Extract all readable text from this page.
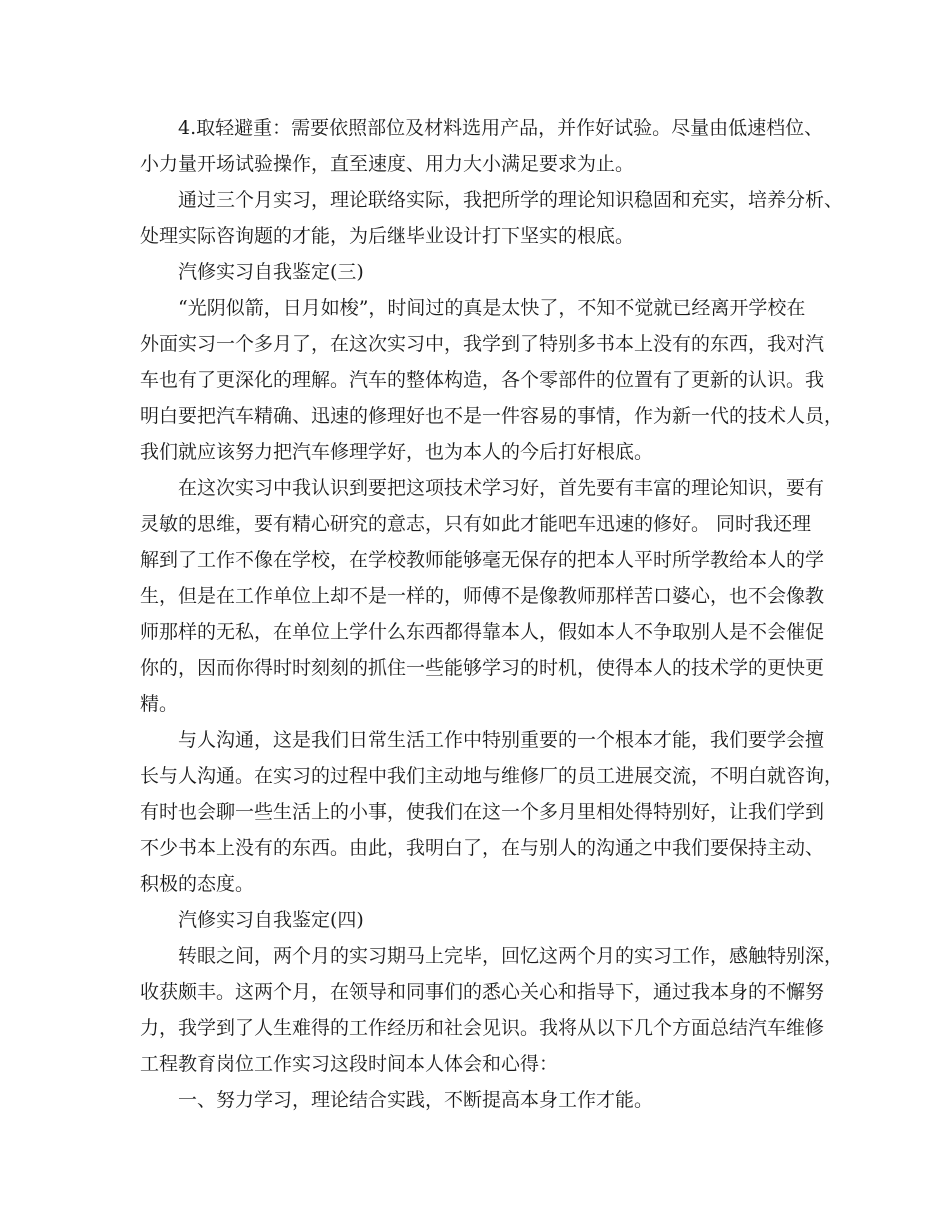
4.取轻避重：需要依照部位及材料选用产品，并作好试验。尽量由低速档位、
小力量开场试验操作，直至速度、用力大小满足要求为止。
通过三个月实习，理论联络实际，我把所学的理论知识稳固和充实，培养分析、
处理实际咨询题的才能，为后继毕业设计打下坚实的根底。
汽修实习自我鉴定(三)
“光阴似箭，日月如梭”，时间过的真是太快了，不知不觉就已经离开学校在
外面实习一个多月了，在这次实习中，我学到了特别多书本上没有的东西，我对汽
车也有了更深化的理解。汽车的整体构造，各个零部件的位置有了更新的认识。我
明白要把汽车精确、迅速的修理好也不是一件容易的事情，作为新一代的技术人员，
我们就应该努力把汽车修理学好，也为本人的今后打好根底。
在这次实习中我认识到要把这项技术学习好，首先要有丰富的理论知识，要有
灵敏的思维，要有精心研究的意志，只有如此才能吧车迅速的修好。 同时我还理
解到了工作不像在学校，在学校教师能够毫无保存的把本人平时所学教给本人的学
生，但是在工作单位上却不是一样的，师傅不是像教师那样苦口婆心，也不会像教
师那样的无私，在单位上学什么东西都得靠本人，假如本人不争取别人是不会催促
你的，因而你得时时刻刻的抓住一些能够学习的时机，使得本人的技术学的更快更
精。
与人沟通，这是我们日常生活工作中特别重要的一个根本才能，我们要学会擅
长与人沟通。在实习的过程中我们主动地与维修厂的员工进展交流，不明白就咨询，
有时也会聊一些生活上的小事，使我们在这一个多月里相处得特别好，让我们学到
不少书本上没有的东西。由此，我明白了，在与别人的沟通之中我们要保持主动、
积极的态度。
汽修实习自我鉴定(四)
转眼之间，两个月的实习期马上完毕，回忆这两个月的实习工作，感触特别深，
收获颇丰。这两个月，在领导和同事们的悉心关心和指导下，通过我本身的不懈努
力，我学到了人生难得的工作经历和社会见识。我将从以下几个方面总结汽车维修
工程教育岗位工作实习这段时间本人体会和心得：
一、努力学习，理论结合实践，不断提高本身工作才能。
